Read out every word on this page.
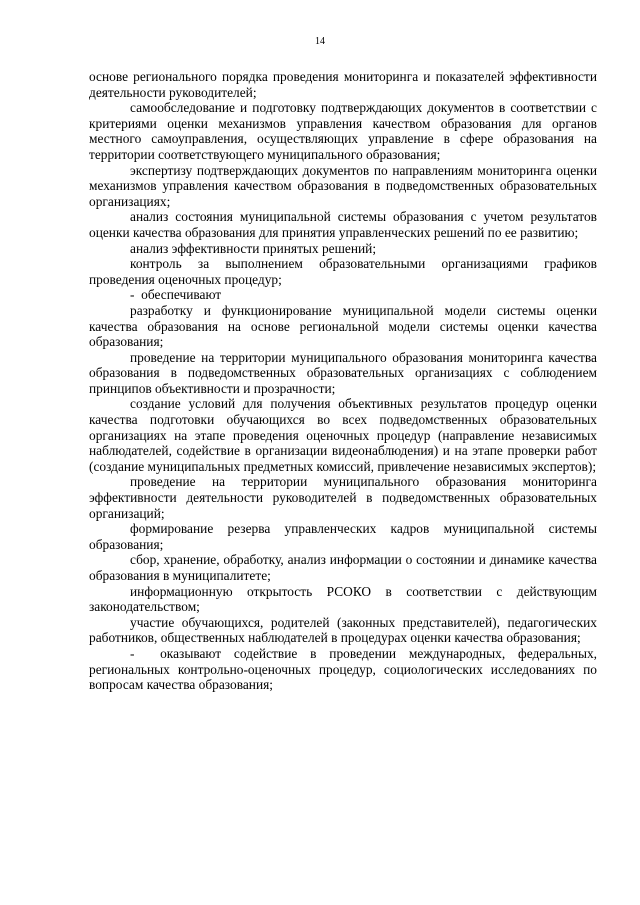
14

основе регионального порядка проведения мониторинга и показателей эффективности деятельности руководителей;

самообследование и подготовку подтверждающих документов в соответствии с критериями оценки механизмов управления качеством образования для органов местного самоуправления, осуществляющих управление в сфере образования на территории соответствующего муниципального образования;

экспертизу подтверждающих документов по направлениям мониторинга оценки механизмов управления качеством образования в подведомственных образовательных организациях;

анализ состояния муниципальной системы образования с учетом результатов оценки качества образования для принятия управленческих решений по ее развитию;

анализ эффективности принятых решений;

контроль за выполнением образовательными организациями графиков проведения оценочных процедур;

-  обеспечивают

разработку и функционирование муниципальной модели системы оценки качества образования на основе региональной модели системы оценки качества образования;

проведение на территории муниципального образования мониторинга качества образования в подведомственных образовательных организациях с соблюдением принципов объективности и прозрачности;

создание условий для получения объективных результатов процедур оценки качества подготовки обучающихся во всех подведомственных образовательных организациях на этапе проведения оценочных процедур (направление независимых наблюдателей, содействие в организации видеонаблюдения) и на этапе проверки работ (создание муниципальных предметных комиссий, привлечение независимых экспертов);

проведение на территории муниципального образования мониторинга эффективности деятельности руководителей в подведомственных образовательных организаций;

формирование резерва управленческих кадров муниципальной системы образования;

сбор, хранение, обработку, анализ информации о состоянии и динамике качества образования в муниципалитете;

информационную открытость РСОКО в соответствии с действующим законодательством;

участие обучающихся, родителей (законных представителей), педагогических работников, общественных наблюдателей в процедурах оценки качества образования;

-  оказывают содействие в проведении международных, федеральных, региональных контрольно-оценочных процедур, социологических исследованиях по вопросам качества образования;
